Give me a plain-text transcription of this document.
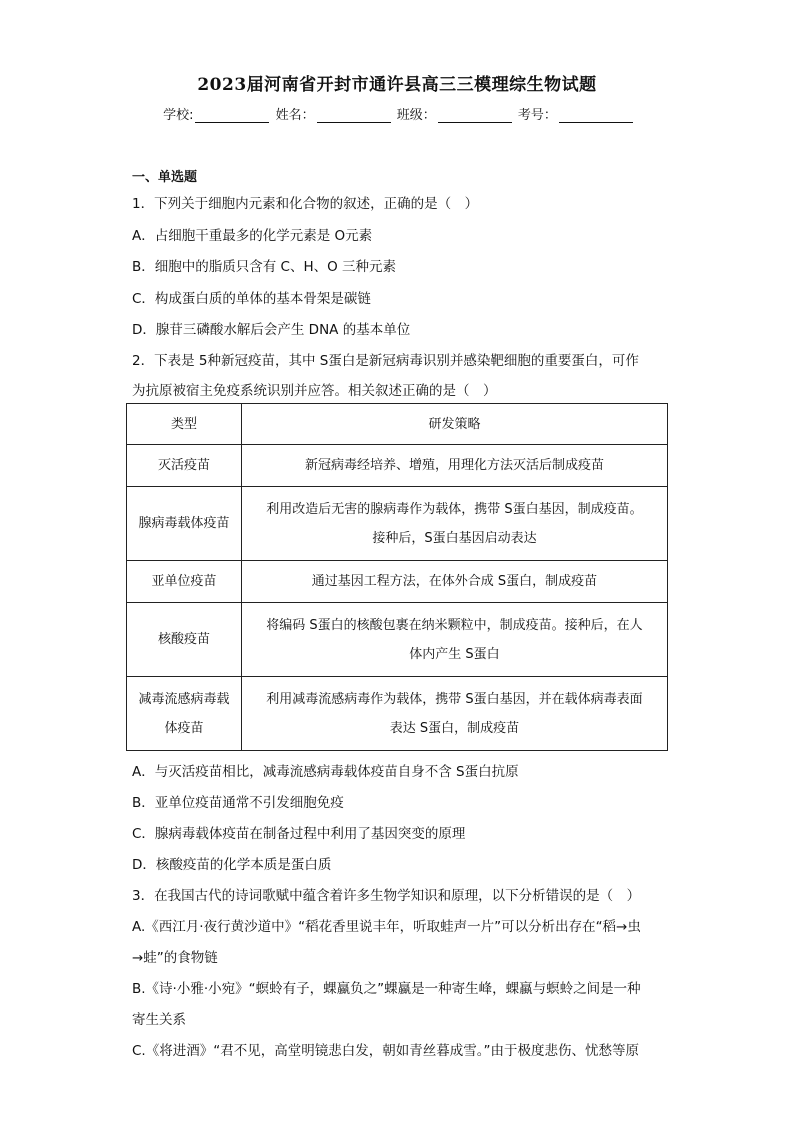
2023届河南省开封市通许县高三三模理综生物试题
学校:	姓名：	班级：	考号：
一、单选题
1．下列关于细胞内元素和化合物的叙述，正确的是（　）
A．占细胞干重最多的化学元素是 O元素
B．细胞中的脂质只含有 C、H、O 三种元素
C．构成蛋白质的单体的基本骨架是碳链
D．腺苷三磷酸水解后会产生 DNA 的基本单位
2．下表是 5种新冠疫苗，其中 S蛋白是新冠病毒识别并感染靶细胞的重要蛋白，可作
为抗原被宿主免疫系统识别并应答。相关叙述正确的是（　）
类型	研发策略
灭活疫苗	新冠病毒经培养、增殖，用理化方法灭活后制成疫苗
腺病毒载体疫苗	利用改造后无害的腺病毒作为载体，携带 S蛋白基因，制成疫苗。
接种后，S蛋白基因启动表达
亚单位疫苗	通过基因工程方法，在体外合成 S蛋白，制成疫苗
核酸疫苗	将编码 S蛋白的核酸包裹在纳米颗粒中，制成疫苗。接种后，在人
体内产生 S蛋白
减毒流感病毒载体疫苗	利用减毒流感病毒作为载体，携带 S蛋白基因，并在载体病毒表面
表达 S蛋白，制成疫苗
A．与灭活疫苗相比，减毒流感病毒载体疫苗自身不含 S蛋白抗原
B．亚单位疫苗通常不引发细胞免疫
C．腺病毒载体疫苗在制备过程中利用了基因突变的原理
D．核酸疫苗的化学本质是蛋白质
3．在我国古代的诗词歌赋中蕴含着许多生物学知识和原理，以下分析错误的是（　）
A.《西江月·夜行黄沙道中》“稻花香里说丰年，听取蛙声一片”可以分析出存在“稻→虫
→蛙”的食物链
B.《诗·小雅·小宛》“螟蛉有子，蜾蠃负之”蜾蠃是一种寄生峰，蜾蠃与螟蛉之间是一种
寄生关系
C.《将进酒》“君不见，高堂明镜悲白发，朝如青丝暮成雪。”由于极度悲伤、忧愁等原
